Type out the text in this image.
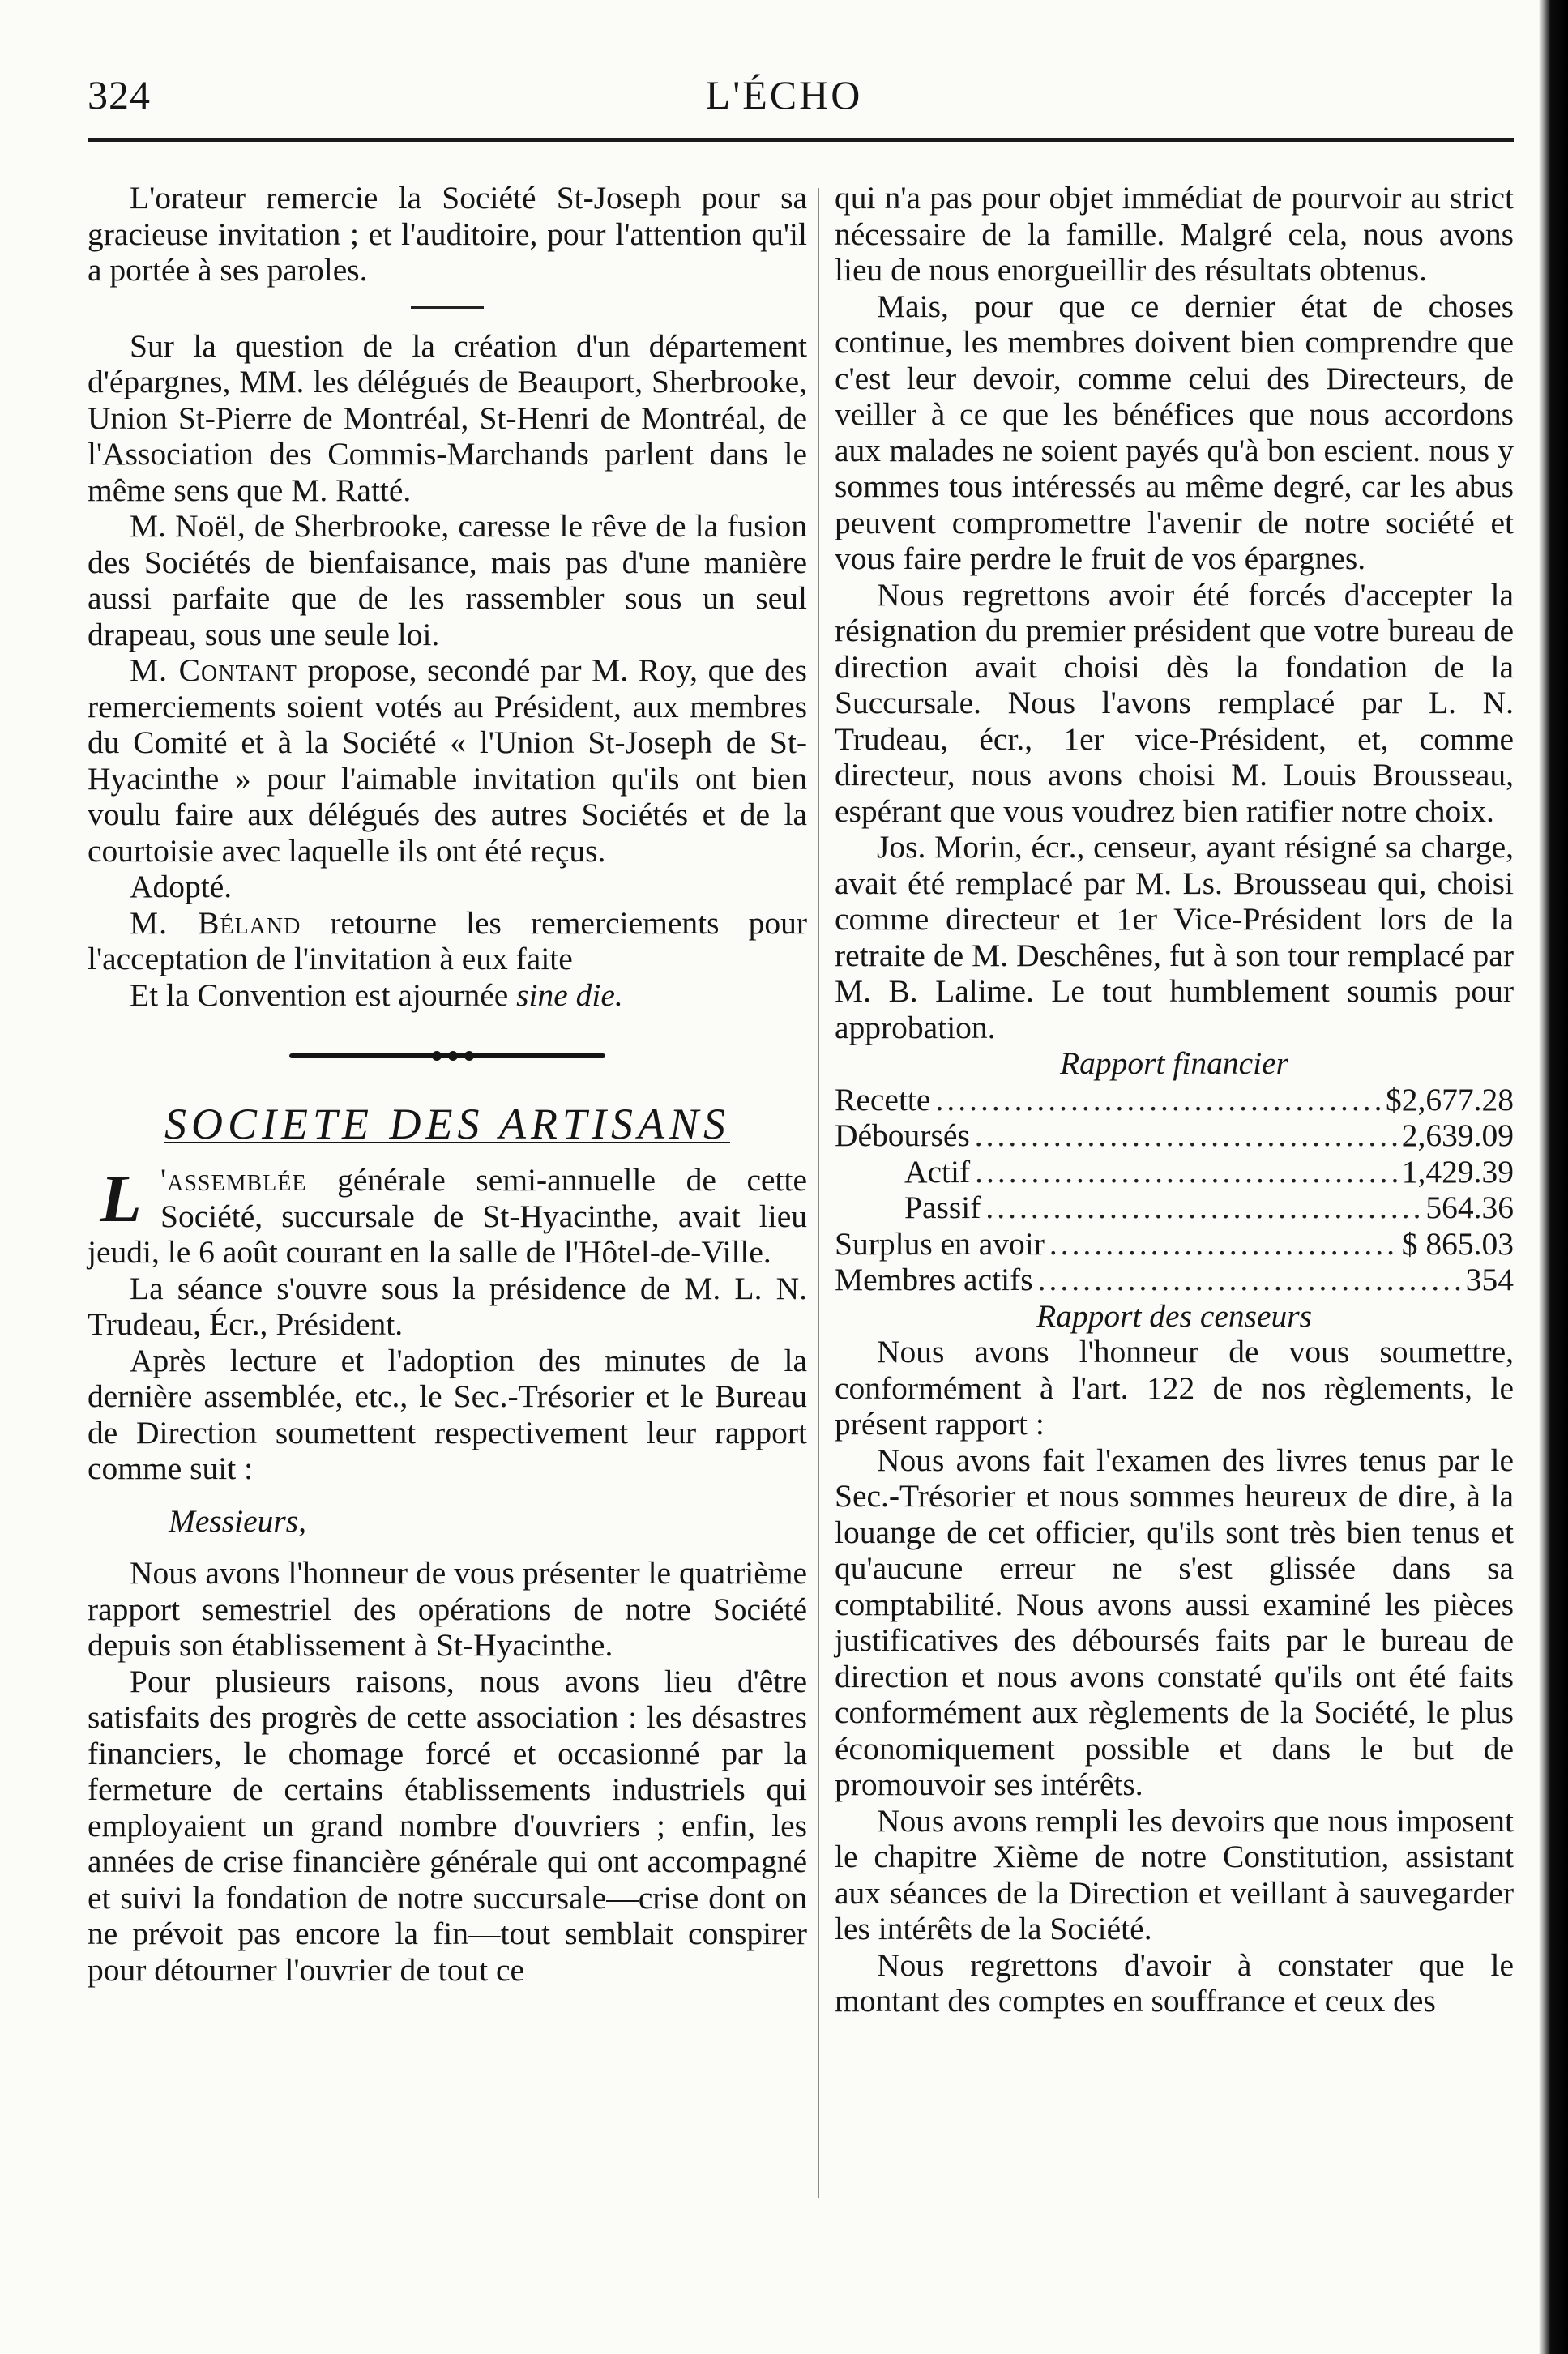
324	L'ÉCHO

L'orateur remercie la Société St-Joseph pour sa gracieuse invitation ; et l'auditoire, pour l'attention qu'il a portée à ses paroles.

Sur la question de la création d'un département d'épargnes, MM. les délégués de Beauport, Sherbrooke, Union St-Pierre de Montréal, St-Henri de Montréal, de l'Association des Commis-Marchands parlent dans le même sens que M. Ratté.

M. Noël, de Sherbrooke, caresse le rêve de la fusion des Sociétés de bienfaisance, mais pas d'une manière aussi parfaite que de les rassembler sous un seul drapeau, sous une seule loi.

M. Contant propose, secondé par M. Roy, que des remerciements soient votés au Président, aux membres du Comité et à la Société « l'Union St-Joseph de St-Hyacinthe » pour l'aimable invitation qu'ils ont bien voulu faire aux délégués des autres Sociétés et de la courtoisie avec laquelle ils ont été reçus.

Adopté.

M. Béland retourne les remerciements pour l'acceptation de l'invitation à eux faite

Et la Convention est ajournée sine die.

SOCIETE DES ARTISANS

L 'assemblée générale semi-annuelle de cette Société, succursale de St-Hyacinthe, avait lieu jeudi, le 6 août courant en la salle de l'Hôtel-de-Ville.

La séance s'ouvre sous la présidence de M. L. N. Trudeau, Écr., Président.

Après lecture et l'adoption des minutes de la dernière assemblée, etc., le Sec.-Trésorier et le Bureau de Direction soumettent respectivement leur rapport comme suit :

Messieurs,

Nous avons l'honneur de vous présenter le quatrième rapport semestriel des opérations de notre Société depuis son établissement à St-Hyacinthe.

Pour plusieurs raisons, nous avons lieu d'être satisfaits des progrès de cette association : les désastres financiers, le chomage forcé et occasionné par la fermeture de certains établissements industriels qui employaient un grand nombre d'ouvriers ; enfin, les années de crise financière générale qui ont accompagné et suivi la fondation de notre succursale—crise dont on ne prévoit pas encore la fin—tout semblait conspirer pour détourner l'ouvrier de tout ce

qui n'a pas pour objet immédiat de pourvoir au strict nécessaire de la famille. Malgré cela, nous avons lieu de nous enorgueillir des résultats obtenus.

Mais, pour que ce dernier état de choses continue, les membres doivent bien comprendre que c'est leur devoir, comme celui des Directeurs, de veiller à ce que les bénéfices que nous accordons aux malades ne soient payés qu'à bon escient. nous y sommes tous intéressés au même degré, car les abus peuvent compromettre l'avenir de notre société et vous faire perdre le fruit de vos épargnes.

Nous regrettons avoir été forcés d'accepter la résignation du premier président que votre bureau de direction avait choisi dès la fondation de la Succursale. Nous l'avons remplacé par L. N. Trudeau, écr., 1er vice-Président, et, comme directeur, nous avons choisi M. Louis Brousseau, espérant que vous voudrez bien ratifier notre choix.

Jos. Morin, écr., censeur, ayant résigné sa charge, avait été remplacé par M. Ls. Brousseau qui, choisi comme directeur et 1er Vice-Président lors de la retraite de M. Deschênes, fut à son tour remplacé par M. B. Lalime. Le tout humblement soumis pour approbation.

Rapport financier

Recette .....	$2,677.28
Déboursés .....	2,639.09
Actif .....	1,429.39
Passif .....	564.36
Surplus en avoir .....	$ 865.03
Membres actifs .....	354

Rapport des censeurs

Nous avons l'honneur de vous soumettre, conformément à l'art. 122 de nos règlements, le présent rapport :

Nous avons fait l'examen des livres tenus par le Sec.-Trésorier et nous sommes heureux de dire, à la louange de cet officier, qu'ils sont très bien tenus et qu'aucune erreur ne s'est glissée dans sa comptabilité. Nous avons aussi examiné les pièces justificatives des déboursés faits par le bureau de direction et nous avons constaté qu'ils ont été faits conformément aux règlements de la Société, le plus économiquement possible et dans le but de promouvoir ses intérêts.

Nous avons rempli les devoirs que nous imposent le chapitre Xième de notre Constitution, assistant aux séances de la Direction et veillant à sauvegarder les intérêts de la Société.

Nous regrettons d'avoir à constater que le montant des comptes en souffrance et ceux des
